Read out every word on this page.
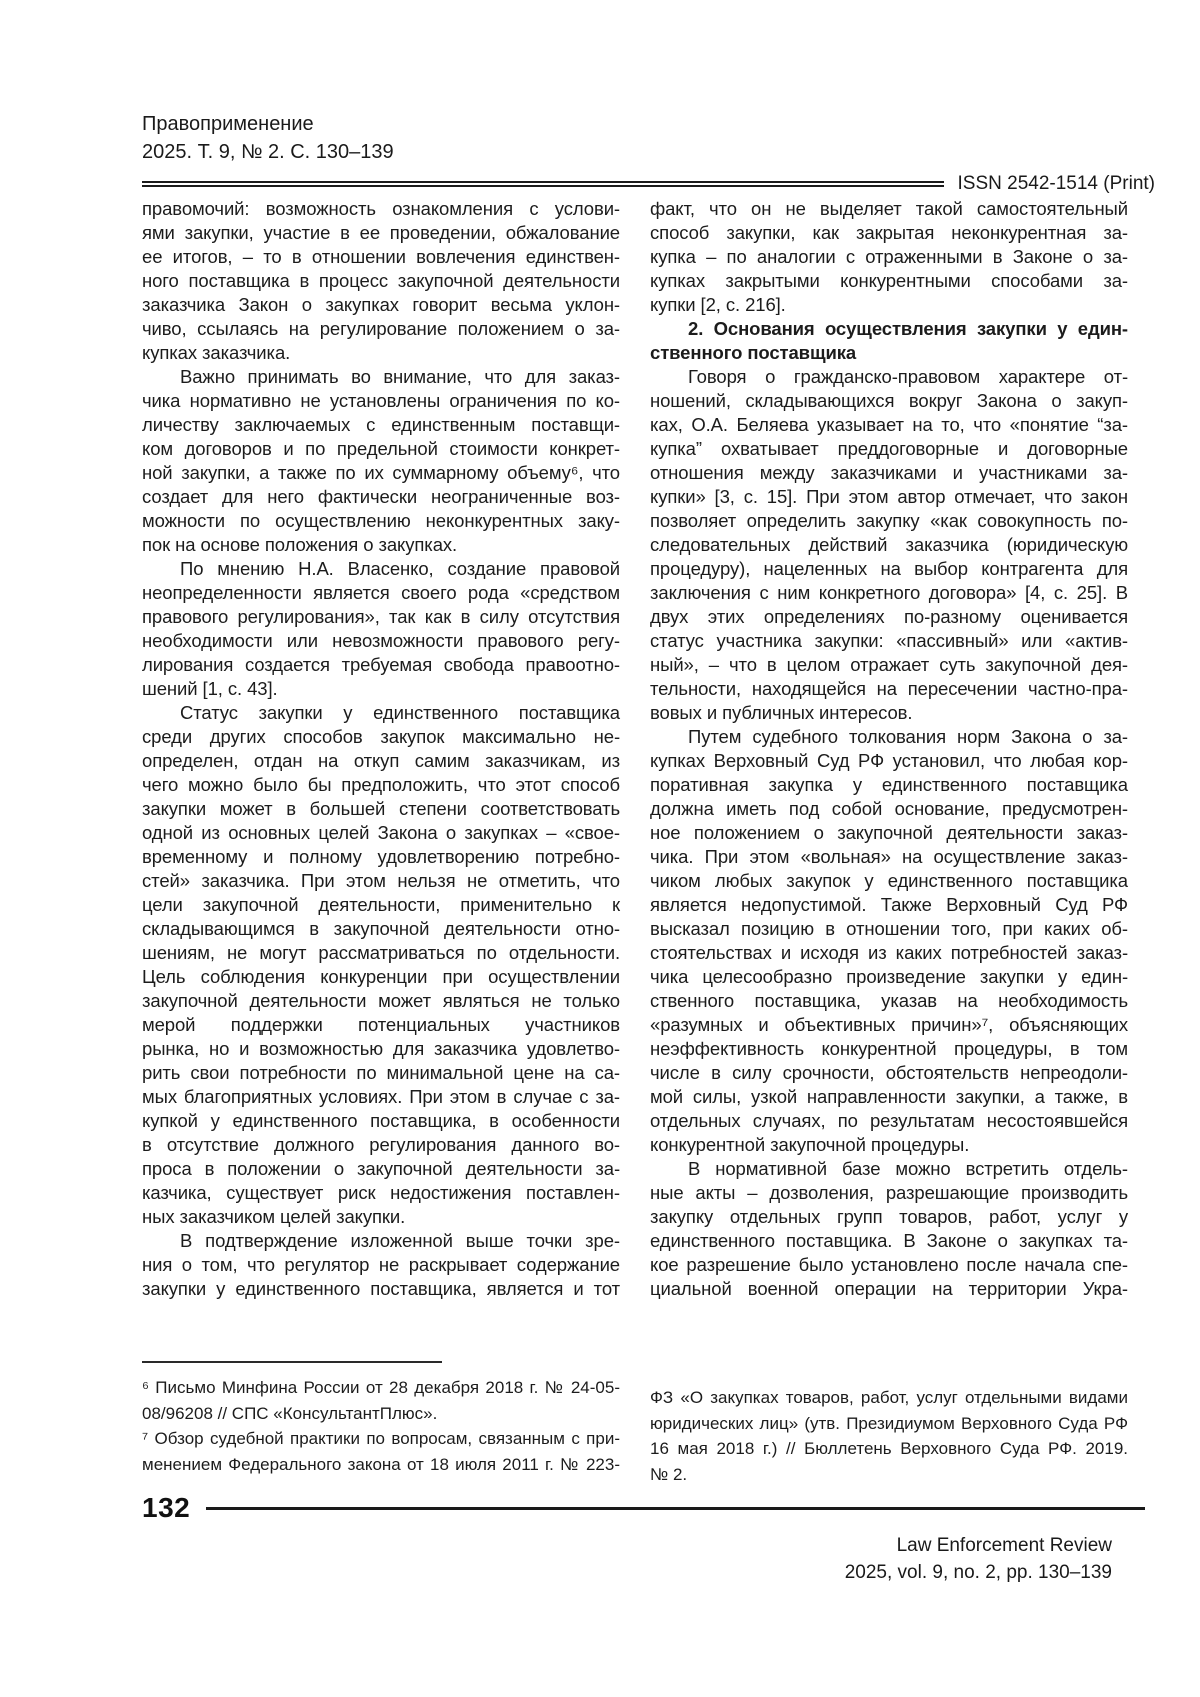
Правоприменение
2025. Т. 9, № 2. С. 130–139
ISSN 2542-1514 (Print)
правомочий: возможность ознакомления с услови-
ями закупки, участие в ее проведении, обжалование
ее итогов, – то в отношении вовлечения единствен-
ного поставщика в процесс закупочной деятельности
заказчика Закон о закупках говорит весьма уклон-
чиво, ссылаясь на регулирование положением о за-
купках заказчика.
Важно принимать во внимание, что для заказ-
чика нормативно не установлены ограничения по ко-
личеству заключаемых с единственным поставщи-
ком договоров и по предельной стоимости конкрет-
ной закупки, а также по их суммарному объему⁶, что
создает для него фактически неограниченные воз-
можности по осуществлению неконкурентных заку-
пок на основе положения о закупках.
По мнению Н.А. Власенко, создание правовой
неопределенности является своего рода «средством
правового регулирования», так как в силу отсутствия
необходимости или невозможности правового регу-
лирования создается требуемая свобода правоотно-
шений [1, с. 43].
Статус закупки у единственного поставщика
среди других способов закупок максимально не-
определен, отдан на откуп самим заказчикам, из
чего можно было бы предположить, что этот способ
закупки может в большей степени соответствовать
одной из основных целей Закона о закупках – «свое-
временному и полному удовлетворению потребно-
стей» заказчика. При этом нельзя не отметить, что
цели закупочной деятельности, применительно к
складывающимся в закупочной деятельности отно-
шениям, не могут рассматриваться по отдельности.
Цель соблюдения конкуренции при осуществлении
закупочной деятельности может являться не только
мерой поддержки потенциальных участников
рынка, но и возможностью для заказчика удовлетво-
рить свои потребности по минимальной цене на са-
мых благоприятных условиях. При этом в случае с за-
купкой у единственного поставщика, в особенности
в отсутствие должного регулирования данного во-
проса в положении о закупочной деятельности за-
казчика, существует риск недостижения поставлен-
ных заказчиком целей закупки.
В подтверждение изложенной выше точки зре-
ния о том, что регулятор не раскрывает содержание
закупки у единственного поставщика, является и тот
⁶ Письмо Минфина России от 28 декабря 2018 г. № 24-05-
08/96208 // СПС «КонсультантПлюс».
⁷ Обзор судебной практики по вопросам, связанным с при-
менением Федерального закона от 18 июля 2011 г. № 223-
факт, что он не выделяет такой самостоятельный
способ закупки, как закрытая неконкурентная за-
купка – по аналогии с отраженными в Законе о за-
купках закрытыми конкурентными способами за-
купки [2, с. 216].
2. Основания осуществления закупки у един-
ственного поставщика
Говоря о гражданско-правовом характере от-
ношений, складывающихся вокруг Закона о закуп-
ках, О.А. Беляева указывает на то, что «понятие “за-
купка” охватывает преддоговорные и договорные
отношения между заказчиками и участниками за-
купки» [3, с. 15]. При этом автор отмечает, что закон
позволяет определить закупку «как совокупность по-
следовательных действий заказчика (юридическую
процедуру), нацеленных на выбор контрагента для
заключения с ним конкретного договора» [4, с. 25]. В
двух этих определениях по-разному оценивается
статус участника закупки: «пассивный» или «актив-
ный», – что в целом отражает суть закупочной дея-
тельности, находящейся на пересечении частно-пра-
вовых и публичных интересов.
Путем судебного толкования норм Закона о за-
купках Верховный Суд РФ установил, что любая кор-
поративная закупка у единственного поставщика
должна иметь под собой основание, предусмотрен-
ное положением о закупочной деятельности заказ-
чика. При этом «вольная» на осуществление заказ-
чиком любых закупок у единственного поставщика
является недопустимой. Также Верховный Суд РФ
высказал позицию в отношении того, при каких об-
стоятельствах и исходя из каких потребностей заказ-
чика целесообразно произведение закупки у един-
ственного поставщика, указав на необходимость
«разумных и объективных причин»⁷, объясняющих
неэффективность конкурентной процедуры, в том
числе в силу срочности, обстоятельств непреодоли-
мой силы, узкой направленности закупки, а также, в
отдельных случаях, по результатам несостоявшейся
конкурентной закупочной процедуры.
В нормативной базе можно встретить отдель-
ные акты – дозволения, разрешающие производить
закупку отдельных групп товаров, работ, услуг у
единственного поставщика. В Законе о закупках та-
кое разрешение было установлено после начала спе-
циальной военной операции на территории Укра-
ФЗ «О закупках товаров, работ, услуг отдельными видами
юридических лиц» (утв. Президиумом Верховного Суда РФ
16 мая 2018 г.) // Бюллетень Верховного Суда РФ. 2019.
№ 2.
132
Law Enforcement Review
2025, vol. 9, no. 2, pp. 130–139
